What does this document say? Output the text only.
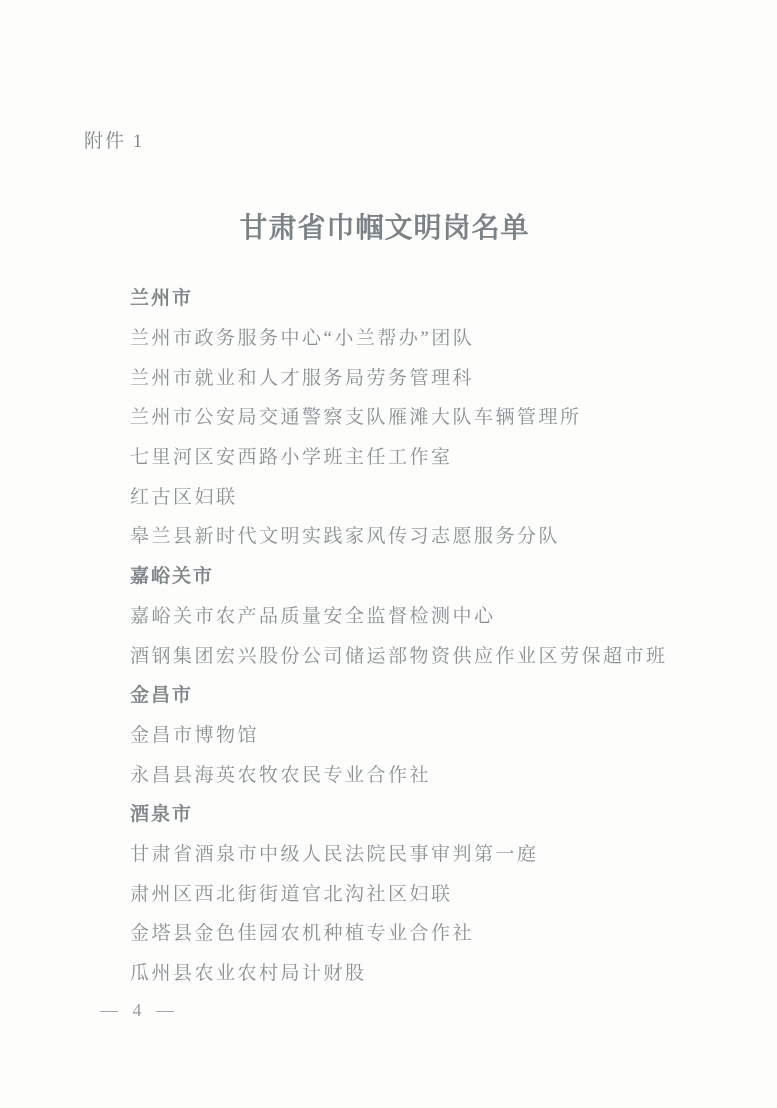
附件 1
甘肃省巾帼文明岗名单
兰州市
兰州市政务服务中心“小兰帮办”团队
兰州市就业和人才服务局劳务管理科
兰州市公安局交通警察支队雁滩大队车辆管理所
七里河区安西路小学班主任工作室
红古区妇联
皋兰县新时代文明实践家风传习志愿服务分队
嘉峪关市
嘉峪关市农产品质量安全监督检测中心
酒钢集团宏兴股份公司储运部物资供应作业区劳保超市班
金昌市
金昌市博物馆
永昌县海英农牧农民专业合作社
酒泉市
甘肃省酒泉市中级人民法院民事审判第一庭
肃州区西北街街道官北沟社区妇联
金塔县金色佳园农机种植专业合作社
瓜州县农业农村局计财股
— 4 —
